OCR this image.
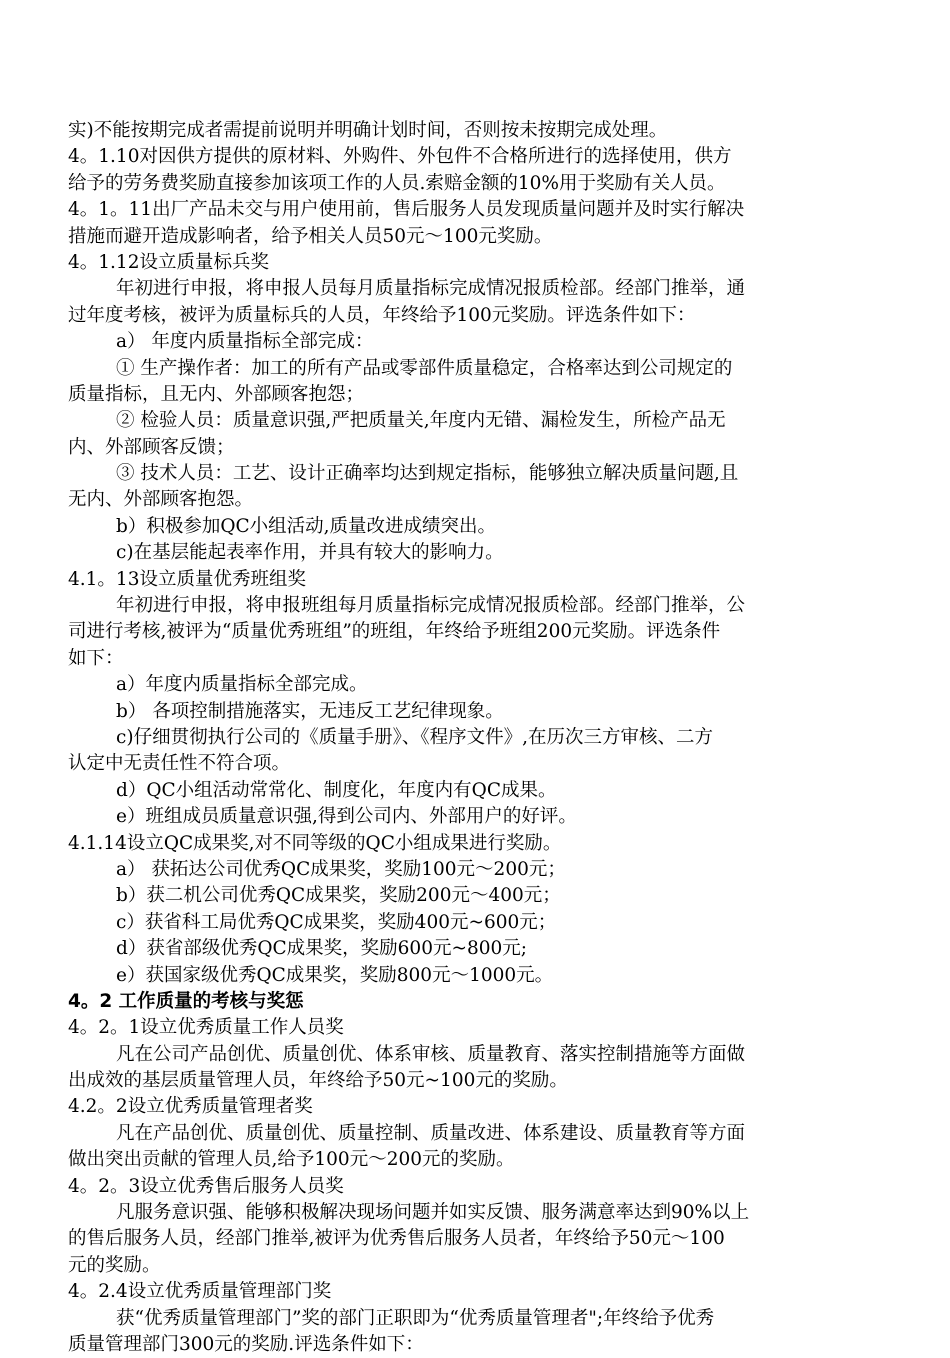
实)不能按期完成者需提前说明并明确计划时间，否则按未按期完成处理。
4。1.10对因供方提供的原材料、外购件、外包件不合格所进行的选择使用，供方
给予的劳务费奖励直接参加该项工作的人员.索赔金额的10%用于奖励有关人员。
4。1。11出厂产品未交与用户使用前，售后服务人员发现质量问题并及时实行解决
措施而避开造成影响者，给予相关人员50元～100元奖励。
4。1.12设立质量标兵奖
年初进行申报，将申报人员每月质量指标完成情况报质检部。经部门推举，通
过年度考核，被评为质量标兵的人员，年终给予100元奖励。评选条件如下：
a） 年度内质量指标全部完成：
① 生产操作者：加工的所有产品或零部件质量稳定，合格率达到公司规定的
质量指标，且无内、外部顾客抱怨；
② 检验人员：质量意识强,严把质量关,年度内无错、漏检发生，所检产品无
内、外部顾客反馈；
③ 技术人员：工艺、设计正确率均达到规定指标，能够独立解决质量问题,且
无内、外部顾客抱怨。
b）积极参加QC小组活动,质量改进成绩突出。
c)在基层能起表率作用，并具有较大的影响力。
4.1。13设立质量优秀班组奖
年初进行申报，将申报班组每月质量指标完成情况报质检部。经部门推举，公
司进行考核,被评为“质量优秀班组”的班组，年终给予班组200元奖励。评选条件
如下：
a）年度内质量指标全部完成。
b） 各项控制措施落实，无违反工艺纪律现象。
c)仔细贯彻执行公司的《质量手册》、《程序文件》,在历次三方审核、二方
认定中无责任性不符合项。
d）QC小组活动常常化、制度化，年度内有QC成果。
e）班组成员质量意识强,得到公司内、外部用户的好评。
4.1.14设立QC成果奖,对不同等级的QC小组成果进行奖励。
a） 获拓达公司优秀QC成果奖，奖励100元～200元；
b）获二机公司优秀QC成果奖，奖励200元～400元；
c）获省科工局优秀QC成果奖，奖励400元~600元；
d）获省部级优秀QC成果奖，奖励600元~800元;
e）获国家级优秀QC成果奖，奖励800元～1000元。
4。2 工作质量的考核与奖惩
4。2。1设立优秀质量工作人员奖
凡在公司产品创优、质量创优、体系审核、质量教育、落实控制措施等方面做
出成效的基层质量管理人员，年终给予50元~100元的奖励。
4.2。2设立优秀质量管理者奖
凡在产品创优、质量创优、质量控制、质量改进、体系建设、质量教育等方面
做出突出贡献的管理人员,给予100元～200元的奖励。
4。2。3设立优秀售后服务人员奖
凡服务意识强、能够积极解决现场问题并如实反馈、服务满意率达到90%以上
的售后服务人员，经部门推举,被评为优秀售后服务人员者，年终给予50元～100
元的奖励。
4。2.4设立优秀质量管理部门奖
获“优秀质量管理部门”奖的部门正职即为“优秀质量管理者";年终给予优秀
质量管理部门300元的奖励.评选条件如下：
